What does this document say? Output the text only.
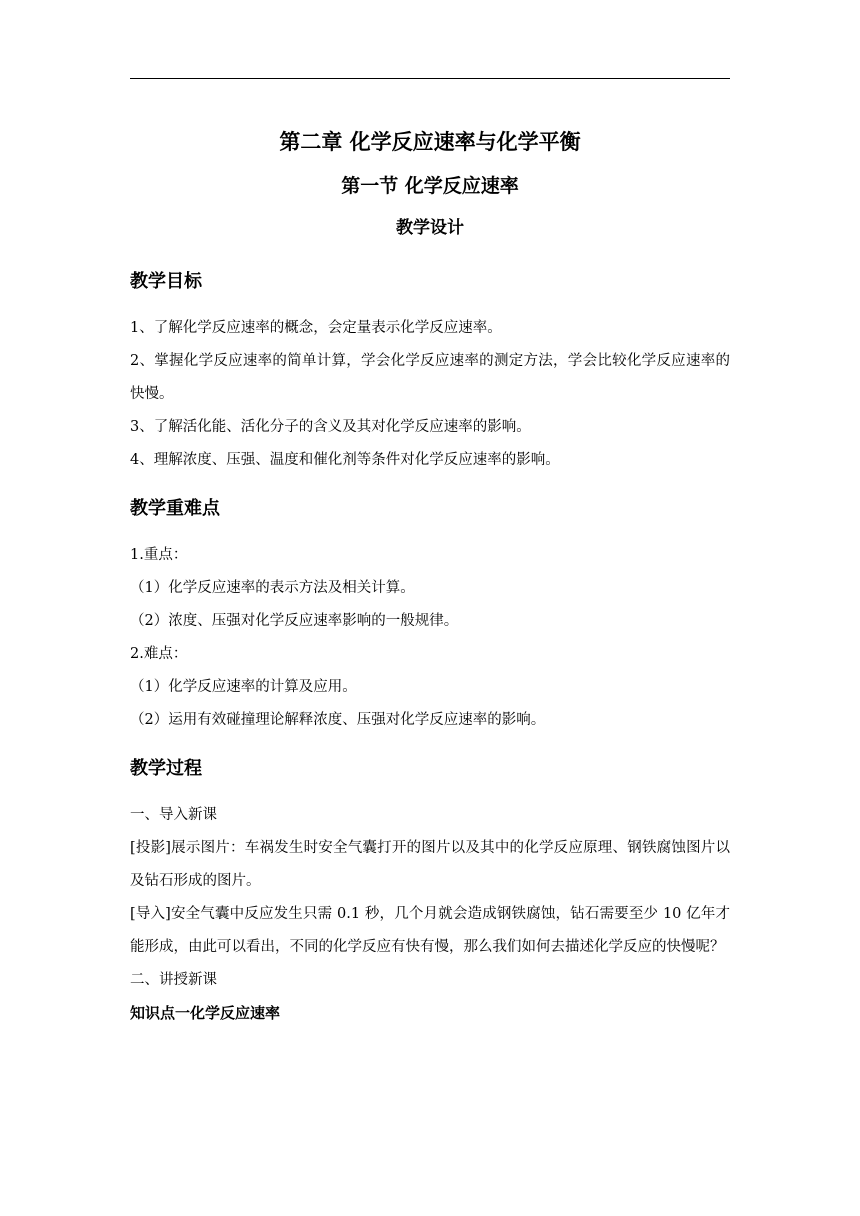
第二章 化学反应速率与化学平衡

第一节 化学反应速率

教学设计

教学目标

1、了解化学反应速率的概念，会定量表示化学反应速率。

2、掌握化学反应速率的简单计算，学会化学反应速率的测定方法，学会比较化学反应速率的快慢。

3、了解活化能、活化分子的含义及其对化学反应速率的影响。

4、理解浓度、压强、温度和催化剂等条件对化学反应速率的影响。

教学重难点

1.重点：

（1）化学反应速率的表示方法及相关计算。

（2）浓度、压强对化学反应速率影响的一般规律。

2.难点：

（1）化学反应速率的计算及应用。

（2）运用有效碰撞理论解释浓度、压强对化学反应速率的影响。

教学过程

一、导入新课

[投影]展示图片：车祸发生时安全气囊打开的图片以及其中的化学反应原理、钢铁腐蚀图片以及钻石形成的图片。

[导入]安全气囊中反应发生只需 0.1 秒，几个月就会造成钢铁腐蚀，钻石需要至少 10 亿年才能形成，由此可以看出，不同的化学反应有快有慢，那么我们如何去描述化学反应的快慢呢？

二、讲授新课

知识点一化学反应速率
